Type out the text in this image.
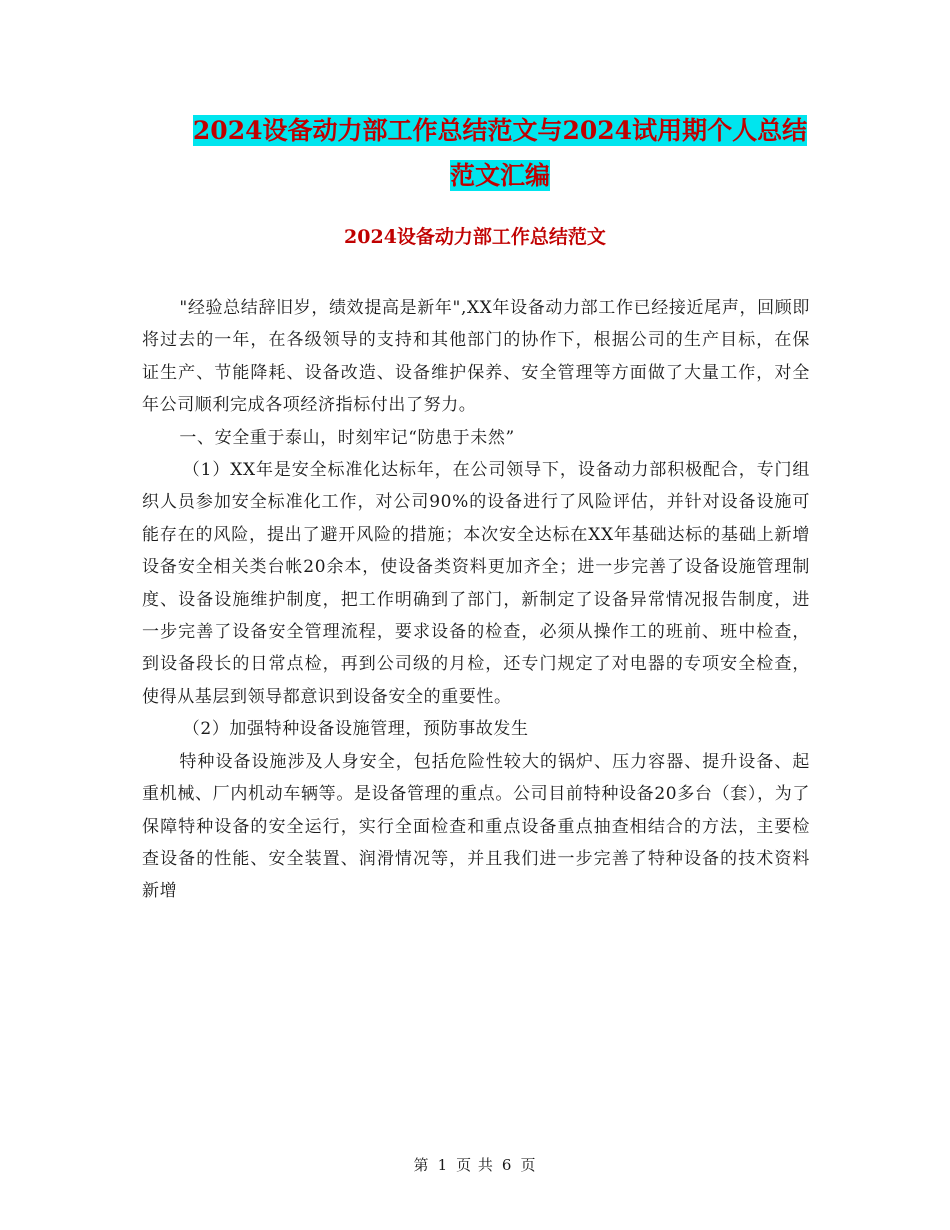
2024设备动力部工作总结范文与2024试用期个人总结
范文汇编
2024设备动力部工作总结范文

"经验总结辞旧岁，绩效提高是新年",XX年设备动力部工作已经接近尾声，回顾即将过去的一年，在各级领导的支持和其他部门的协作下，根据公司的生产目标，在保证生产、节能降耗、设备改造、设备维护保养、安全管理等方面做了大量工作，对全年公司顺利完成各项经济指标付出了努力。

一、安全重于泰山，时刻牢记“防患于未然”

（1）XX年是安全标准化达标年，在公司领导下，设备动力部积极配合，专门组织人员参加安全标准化工作，对公司90%的设备进行了风险评估，并针对设备设施可能存在的风险，提出了避开风险的措施；本次安全达标在XX年基础达标的基础上新增设备安全相关类台帐20余本，使设备类资料更加齐全；进一步完善了设备设施管理制度、设备设施维护制度，把工作明确到了部门，新制定了设备异常情况报告制度，进一步完善了设备安全管理流程，要求设备的检查，必须从操作工的班前、班中检查，到设备段长的日常点检，再到公司级的月检，还专门规定了对电器的专项安全检查，使得从基层到领导都意识到设备安全的重要性。

（2）加强特种设备设施管理，预防事故发生

特种设备设施涉及人身安全，包括危险性较大的锅炉、压力容器、提升设备、起重机械、厂内机动车辆等。是设备管理的重点。公司目前特种设备20多台（套），为了保障特种设备的安全运行，实行全面检查和重点设备重点抽查相结合的方法，主要检查设备的性能、安全装置、润滑情况等，并且我们进一步完善了特种设备的技术资料新增

第 1 页 共 6 页
